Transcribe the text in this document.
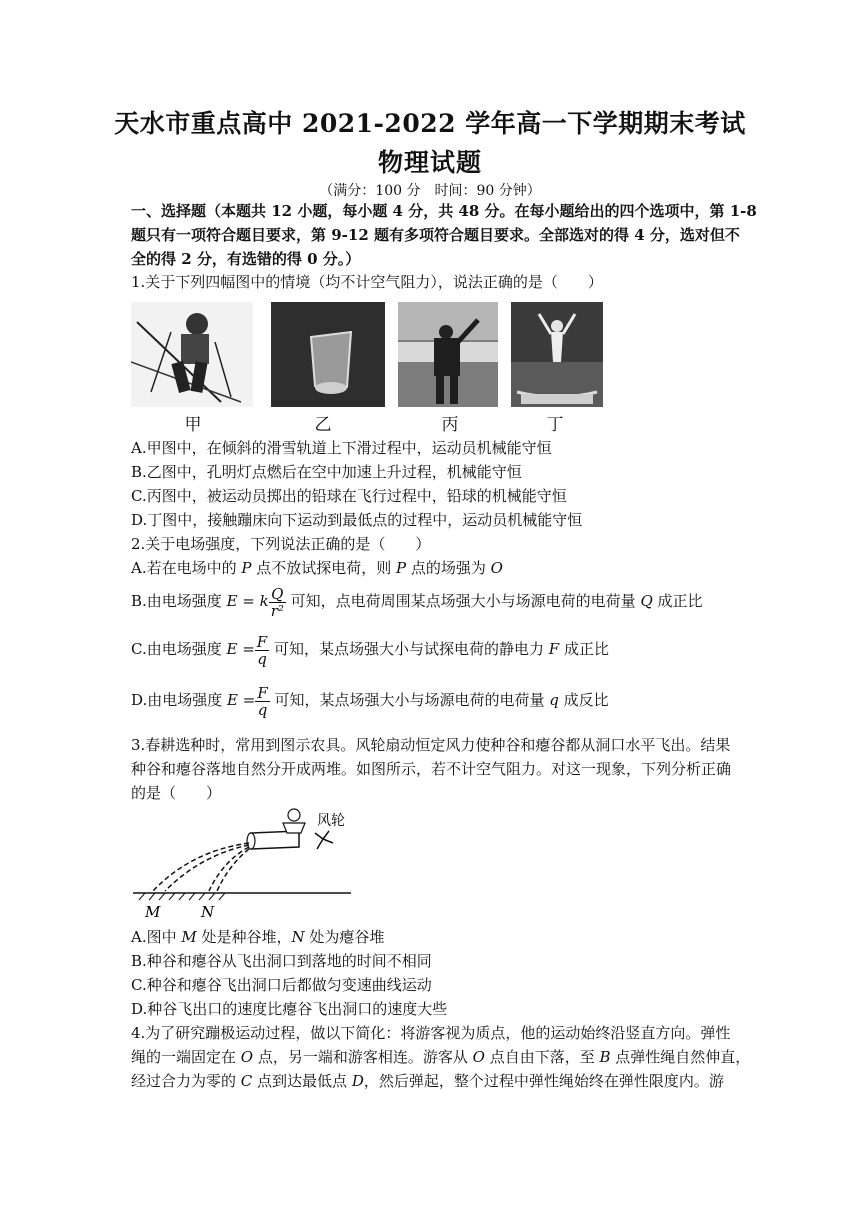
天水市重点高中 2021-2022 学年高一下学期期末考试
物理试题
（满分：100 分　时间：90 分钟）
一、选择题（本题共 12 小题，每小题 4 分，共 48 分。在每小题给出的四个选项中，第 1-8
题只有一项符合题目要求，第 9-12 题有多项符合题目要求。全部选对的得 4 分，选对但不
全的得 2 分，有选错的得 0 分。）
1.关于下列四幅图中的情境（均不计空气阻力），说法正确的是（　　）
甲	乙	丙	丁
A.甲图中，在倾斜的滑雪轨道上下滑过程中，运动员机械能守恒
B.乙图中，孔明灯点燃后在空中加速上升过程，机械能守恒
C.丙图中，被运动员掷出的铅球在飞行过程中，铅球的机械能守恒
D.丁图中，接触蹦床向下运动到最低点的过程中，运动员机械能守恒
2.关于电场强度，下列说法正确的是（　　）
A.若在电场中的 P 点不放试探电荷，则 P 点的场强为 O
B.由电场强度 E = k $\frac{Q}{\text{r²}}$ 可知，点电荷周围某点场强大小与场源电荷的电荷量 Q 成正比
C.由电场强度 $E = \frac{F}{q}$ 可知，某点场强大小与试探电荷的静电力 F 成正比
D.由电场强度 $E = \frac{F}{q}$ 可知，某点场强大小与场源电荷的电荷量 q 成反比
3.春耕选种时，常用到图示农具。风轮扇动恒定风力使种谷和瘪谷都从洞口水平飞出。结果
种谷和瘪谷落地自然分开成两堆。如图所示，若不计空气阻力。对这一现象，下列分析正确
的是（　　）
风轮
M	N
A.图中 M 处是种谷堆，N 处为瘪谷堆
B.种谷和瘪谷从飞出洞口到落地的时间不相同
C.种谷和瘪谷飞出洞口后都做匀变速曲线运动
D.种谷飞出口的速度比瘪谷飞出洞口的速度大些
4.为了研究蹦极运动过程，做以下简化：将游客视为质点，他的运动始终沿竖直方向。弹性
绳的一端固定在 O 点，另一端和游客相连。游客从 O 点自由下落，至 B 点弹性绳自然伸直，
经过合力为零的 C 点到达最低点 D，然后弹起，整个过程中弹性绳始终在弹性限度内。游
